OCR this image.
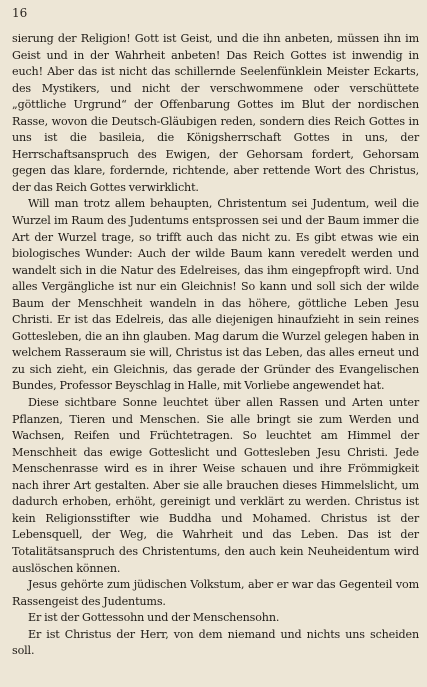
16

sierung der Religion! Gott ist Geist, und die ihn anbeten, müssen ihn im Geist und in der Wahrheit anbeten! Das Reich Gottes ist inwendig in euch! Aber das ist nicht das schillernde Seelenfünklein Meister Eckarts, des Mystikers, und nicht der verschwommene oder verschüttete „göttliche Urgrund“ der Offenbarung Gottes im Blut der nordischen Rasse, wovon die Deutsch-Gläubigen reden, sondern dies Reich Gottes in uns ist die basileia, die Königsherrschaft Gottes in uns, der Herrschaftsanspruch des Ewigen, der Gehorsam fordert, Gehorsam gegen das klare, fordernde, richtende, aber rettende Wort des Christus, der das Reich Gottes verwirklicht.

Will man trotz allem behaupten, Christentum sei Judentum, weil die Wurzel im Raum des Judentums entsprossen sei und der Baum immer die Art der Wurzel trage, so trifft auch das nicht zu. Es gibt etwas wie ein biologisches Wunder: Auch der wilde Baum kann veredelt werden und wandelt sich in die Natur des Edelreises, das ihm eingepfropft wird. Und alles Vergängliche ist nur ein Gleichnis! So kann und soll sich der wilde Baum der Menschheit wandeln in das höhere, göttliche Leben Jesu Christi. Er ist das Edelreis, das alle diejenigen hinaufzieht in sein reines Gottesleben, die an ihn glauben. Mag darum die Wurzel gelegen haben in welchem Rasseraum sie will, Christus ist das Leben, das alles erneut und zu sich zieht, ein Gleichnis, das gerade der Gründer des Evangelischen Bundes, Professor Beyschlag in Halle, mit Vorliebe angewendet hat.

Diese sichtbare Sonne leuchtet über allen Rassen und Arten unter Pflanzen, Tieren und Menschen. Sie alle bringt sie zum Werden und Wachsen, Reifen und Früchtetragen. So leuchtet am Himmel der Menschheit das ewige Gotteslicht und Gottesleben Jesu Christi. Jede Menschenrasse wird es in ihrer Weise schauen und ihre Frömmigkeit nach ihrer Art gestalten. Aber sie alle brauchen dieses Himmelslicht, um dadurch erhoben, erhöht, gereinigt und verklärt zu werden. Christus ist kein Religionsstifter wie Buddha und Mohamed. Christus ist der Lebensquell, der Weg, die Wahrheit und das Leben. Das ist der Totalitätsanspruch des Christentums, den auch kein Neuheidentum wird auslöschen können.

Jesus gehörte zum jüdischen Volkstum, aber er war das Gegenteil vom Rassengeist des Judentums.

Er ist der Gottessohn und der Menschensohn.

Er ist Christus der Herr, von dem niemand und nichts uns scheiden soll.
